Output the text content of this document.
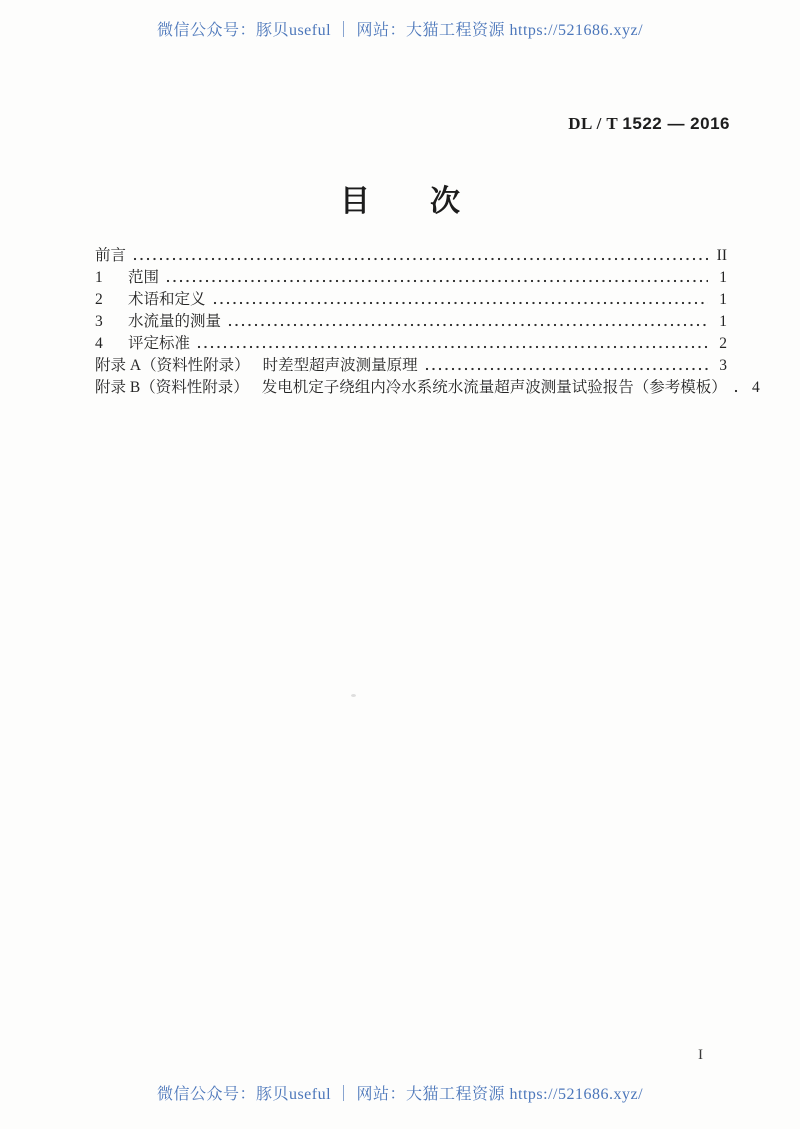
微信公众号：豚贝useful ｜ 网站：大猫工程资源 https://521686.xyz/
DL / T 1522 — 2016
目　　次
前言	II
1	范围	1
2	术语和定义	1
3	水流量的测量	1
4	评定标准	2
附录 A（资料性附录） 时差型超声波测量原理	3
附录 B（资料性附录） 发电机定子绕组内冷水系统水流量超声波测量试验报告（参考模板）	4
I
微信公众号：豚贝useful ｜ 网站：大猫工程资源 https://521686.xyz/
